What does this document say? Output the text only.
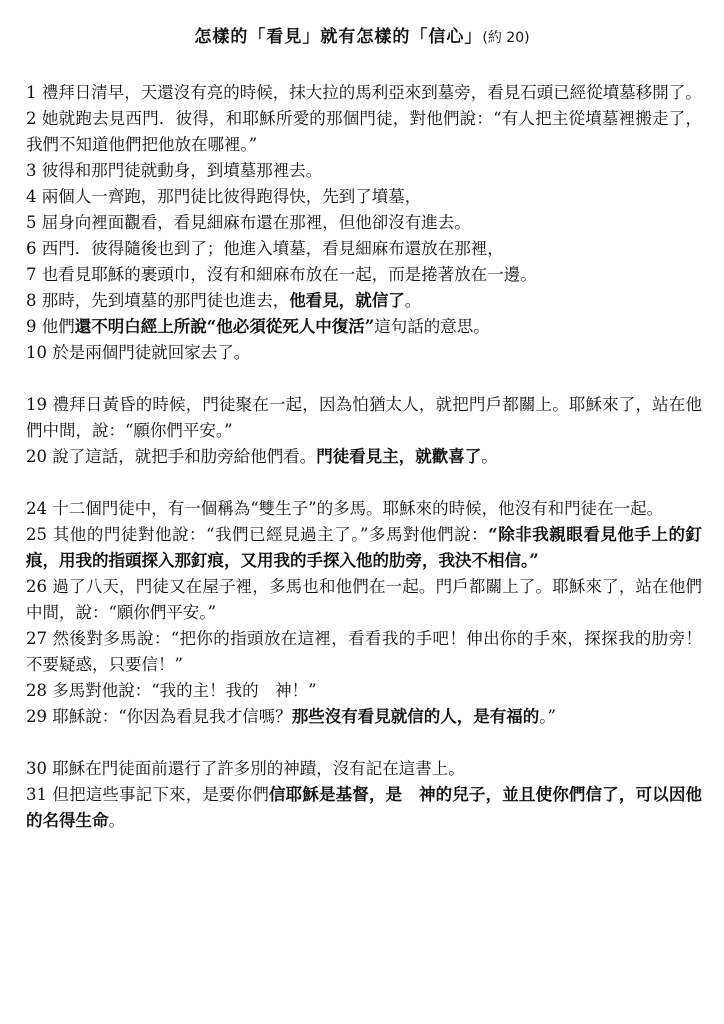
怎樣的「看見」就有怎樣的「信心」(約 20)

1 禮拜日清早，天還沒有亮的時候，抹大拉的馬利亞來到墓旁，看見石頭已經從墳墓移開了。

2 她就跑去見西門．彼得，和耶穌所愛的那個門徒，對他們說：“有人把主從墳墓裡搬走了，我們不知道他們把他放在哪裡。”

3 彼得和那門徒就動身，到墳墓那裡去。

4 兩個人一齊跑，那門徒比彼得跑得快，先到了墳墓，

5 屈身向裡面觀看，看見細麻布還在那裡，但他卻沒有進去。

6 西門．彼得隨後也到了；他進入墳墓，看見細麻布還放在那裡，

7 也看見耶穌的裹頭巾，沒有和細麻布放在一起，而是捲著放在一邊。

8 那時，先到墳墓的那門徒也進去，他看見，就信了。

9 他們還不明白經上所說“他必須從死人中復活”這句話的意思。

10 於是兩個門徒就回家去了。

19 禮拜日黃昏的時候，門徒聚在一起，因為怕猶太人，就把門戶都關上。耶穌來了，站在他們中間，說：“願你們平安。”

20 說了這話，就把手和肋旁給他們看。門徒看見主，就歡喜了。

24 十二個門徒中，有一個稱為“雙生子”的多馬。耶穌來的時候，他沒有和門徒在一起。

25 其他的門徒對他說：“我們已經見過主了。”多馬對他們說：“除非我親眼看見他手上的釘痕，用我的指頭探入那釘痕，又用我的手探入他的肋旁，我決不相信。”

26 過了八天，門徒又在屋子裡，多馬也和他們在一起。門戶都關上了。耶穌來了，站在他們中間，說：“願你們平安。”

27 然後對多馬說：“把你的指頭放在這裡，看看我的手吧！伸出你的手來，探探我的肋旁！不要疑惑，只要信！”

28 多馬對他說：“我的主！我的　神！”

29 耶穌說：“你因為看見我才信嗎？那些沒有看見就信的人，是有福的。”

30 耶穌在門徒面前還行了許多別的神蹟，沒有記在這書上。

31 但把這些事記下來，是要你們信耶穌是基督，是　神的兒子，並且使你們信了，可以因他的名得生命。
